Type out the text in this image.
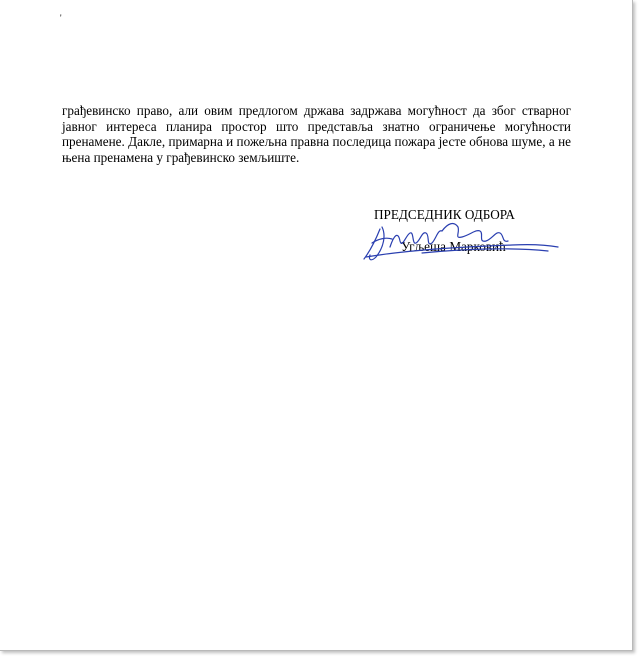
'

грађевинско право, али овим предлогом држава задржава могућност да због стварног јавног интереса планира простор што представља знатно ограничење могућности пренамене. Дакле, примарна и пожељна правна последица пожара јесте обнова шуме, а не њена пренамена у грађевинско земљиште.

ПРЕДСЕДНИК ОДБОРА
Угљеша Марковић
